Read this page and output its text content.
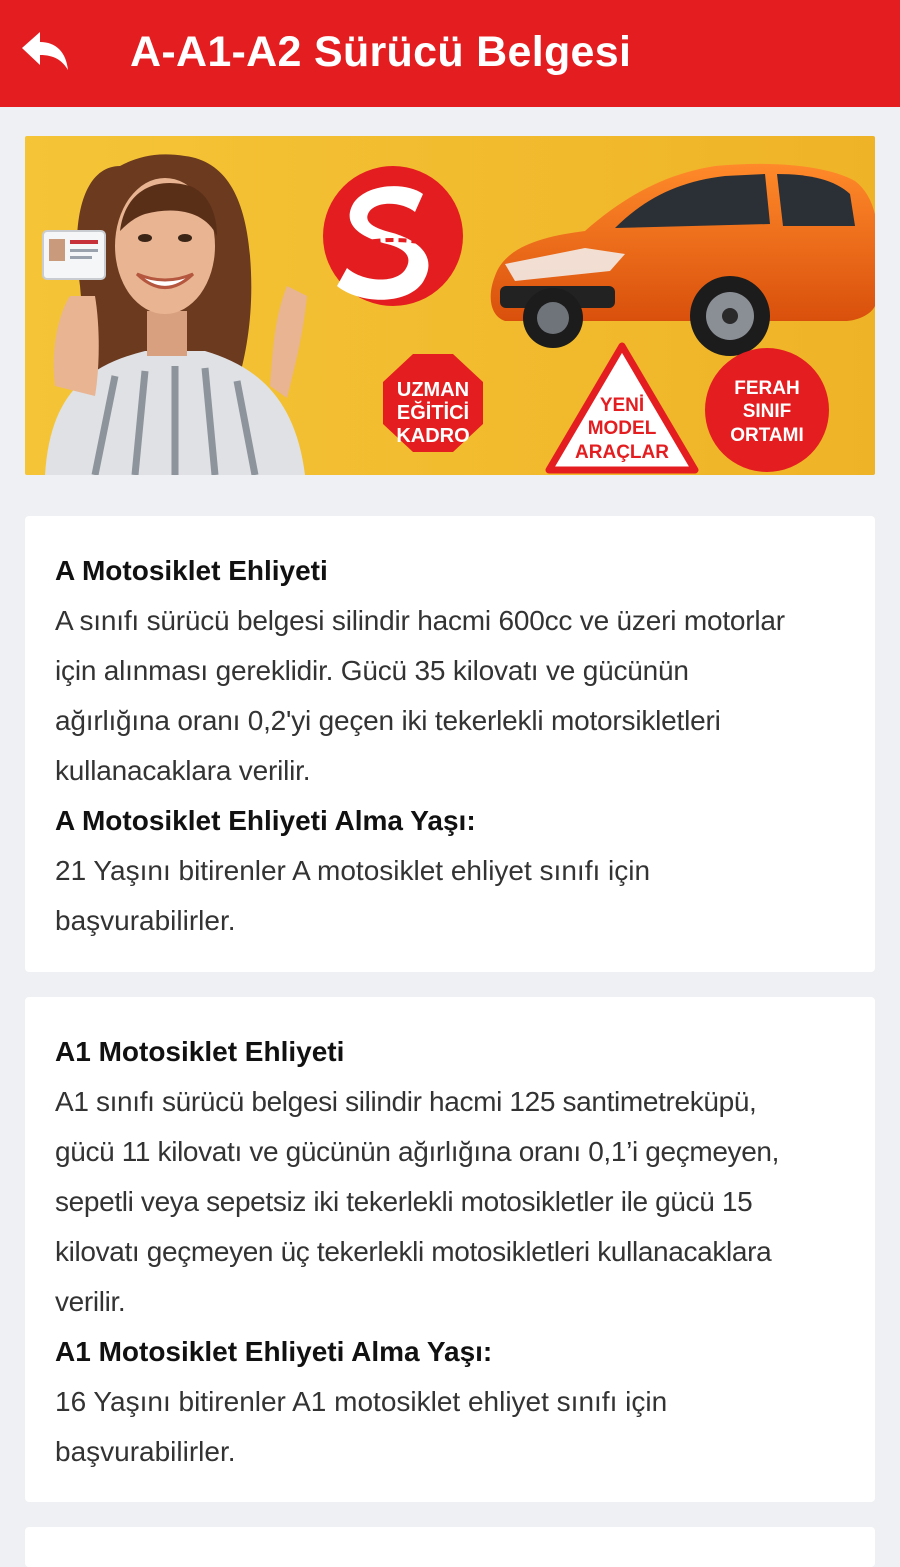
A-A1-A2 Sürücü Belgesi
UZMAN
EĞİTİCİ
KADRO
YENİ
MODEL
ARAÇLAR
FERAH
SINIF
ORTAMI
A Motosiklet Ehliyeti

A sınıfı sürücü belgesi silindir hacmi 600cc ve üzeri motorlar

için alınması gereklidir. Gücü 35 kilovatı ve gücünün

ağırlığına oranı 0,2'yi geçen iki tekerlekli motorsikletleri

kullanacaklara verilir.

A Motosiklet Ehliyeti Alma Yaşı:

21 Yaşını bitirenler A motosiklet ehliyet sınıfı için

başvurabilirler.

A1 Motosiklet Ehliyeti

A1 sınıfı sürücü belgesi silindir hacmi 125 santimetreküpü,

gücü 11 kilovatı ve gücünün ağırlığına oranı 0,1’i geçmeyen,

sepetli veya sepetsiz iki tekerlekli motosikletler ile gücü 15

kilovatı geçmeyen üç tekerlekli motosikletleri kullanacaklara

verilir.

A1 Motosiklet Ehliyeti Alma Yaşı:

16 Yaşını bitirenler A1 motosiklet ehliyet sınıfı için

başvurabilirler.
